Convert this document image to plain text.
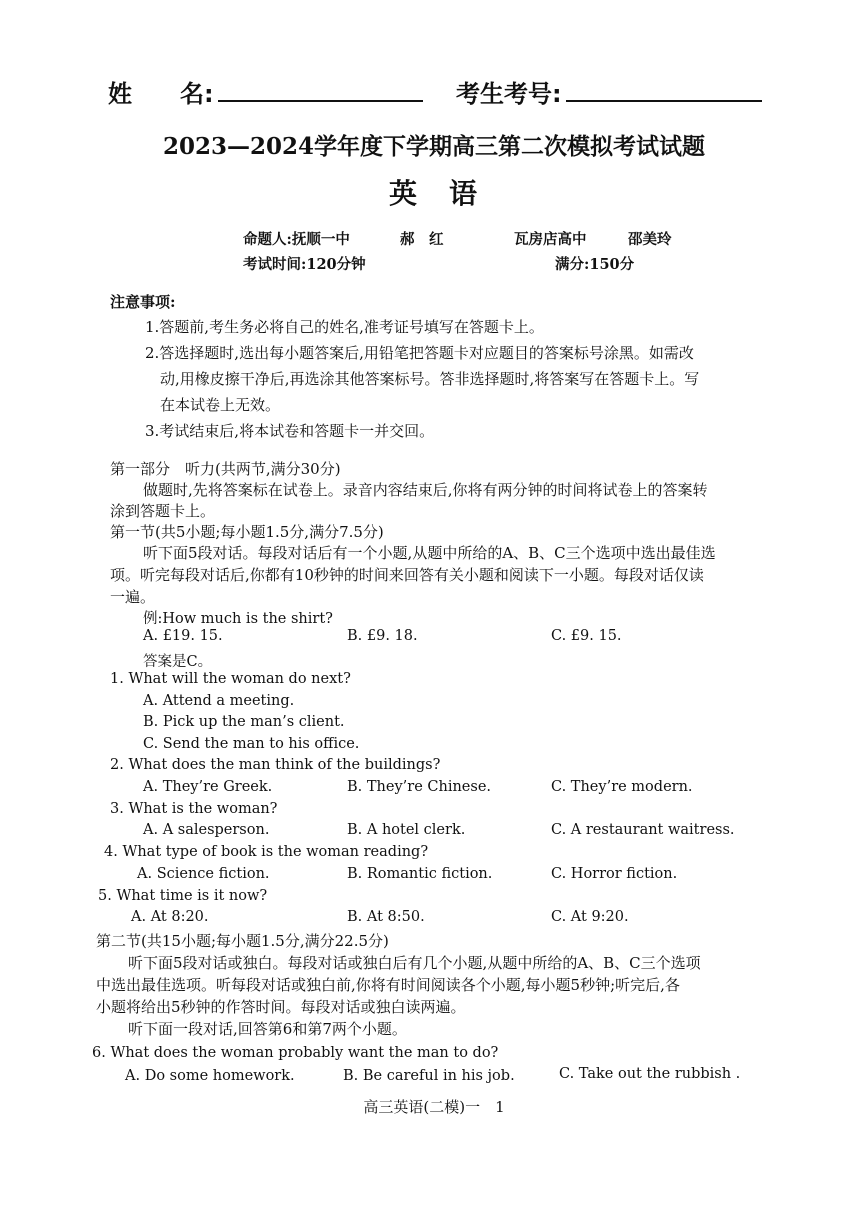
姓　　名:	考生考号:
2023—2024学年度下学期高三第二次模拟考试试题
英　语
命题人:抚顺一中	郝　红	瓦房店高中	邵美玲
考试时间:120分钟	满分:150分
注意事项:
1.答题前,考生务必将自己的姓名,准考证号填写在答题卡上。
2.答选择题时,选出每小题答案后,用铅笔把答题卡对应题目的答案标号涂黑。如需改
动,用橡皮擦干净后,再选涂其他答案标号。答非选择题时,将答案写在答题卡上。写
在本试卷上无效。
3.考试结束后,将本试卷和答题卡一并交回。
第一部分　听力(共两节,满分30分)
做题时,先将答案标在试卷上。录音内容结束后,你将有两分钟的时间将试卷上的答案转
涂到答题卡上。
第一节(共5小题;每小题1.5分,满分7.5分)
听下面5段对话。每段对话后有一个小题,从题中所给的A、B、C三个选项中选出最佳选
项。听完每段对话后,你都有10秒钟的时间来回答有关小题和阅读下一小题。每段对话仅读
一遍。
例:How much is the shirt?
A. £19. 15.	B. £9. 18.	C. £9. 15.
答案是C。
1. What will the woman do next?
A. Attend a meeting.
B. Pick up the man’s client.
C. Send the man to his office.
2. What does the man think of the buildings?
A. They’re Greek.	B. They’re Chinese.	C. They’re modern.
3. What is the woman?
A. A salesperson.	B. A hotel clerk.	C. A restaurant waitress.
4. What type of book is the woman reading?
A. Science fiction.	B. Romantic fiction.	C. Horror fiction.
5. What time is it now?
A. At 8:20.	B. At 8:50.	C. At 9:20.
第二节(共15小题;每小题1.5分,满分22.5分)
听下面5段对话或独白。每段对话或独白后有几个小题,从题中所给的A、B、C三个选项
中选出最佳选项。听每段对话或独白前,你将有时间阅读各个小题,每小题5秒钟;听完后,各
小题将给出5秒钟的作答时间。每段对话或独白读两遍。
听下面一段对话,回答第6和第7两个小题。
6. What does the woman probably want the man to do?
A. Do some homework.	B. Be careful in his job.	C. Take out the rubbish .
高三英语(二模)一　1
